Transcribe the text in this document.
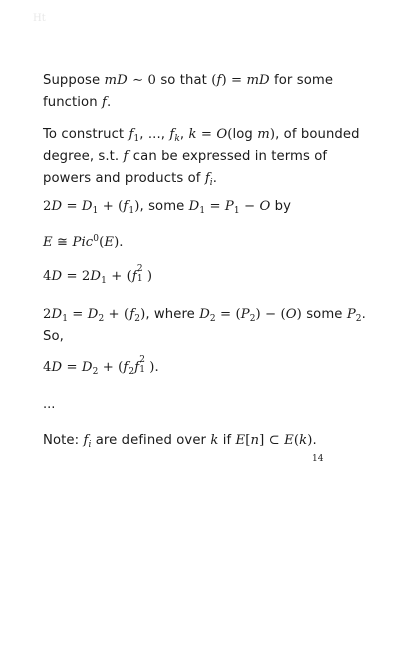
Ht
Suppose mD ∼ 0 so that (f) = mD for some function f.
To construct $f_1$, ..., $f_k$, k = O(log m), of bounded degree, s.t. f can be expressed in terms of powers and products of $f_i$.
$2D = D_1 + (f_1)$, some $D_1 = P_1 - O$ by
E ≅ Pic$^0$(E).
$4D = 2D_1 + (f$ 2
1 )
$2D_1 = D_2 + (f_2)$, where $D_2 = (P_2) - (O)$ some $P_2$. So,
$4D = D_2 + (f_2f$ 2
1 ).
...
Note: $f_i$ are defined over k if E[n] ⊂ E(k).
14
